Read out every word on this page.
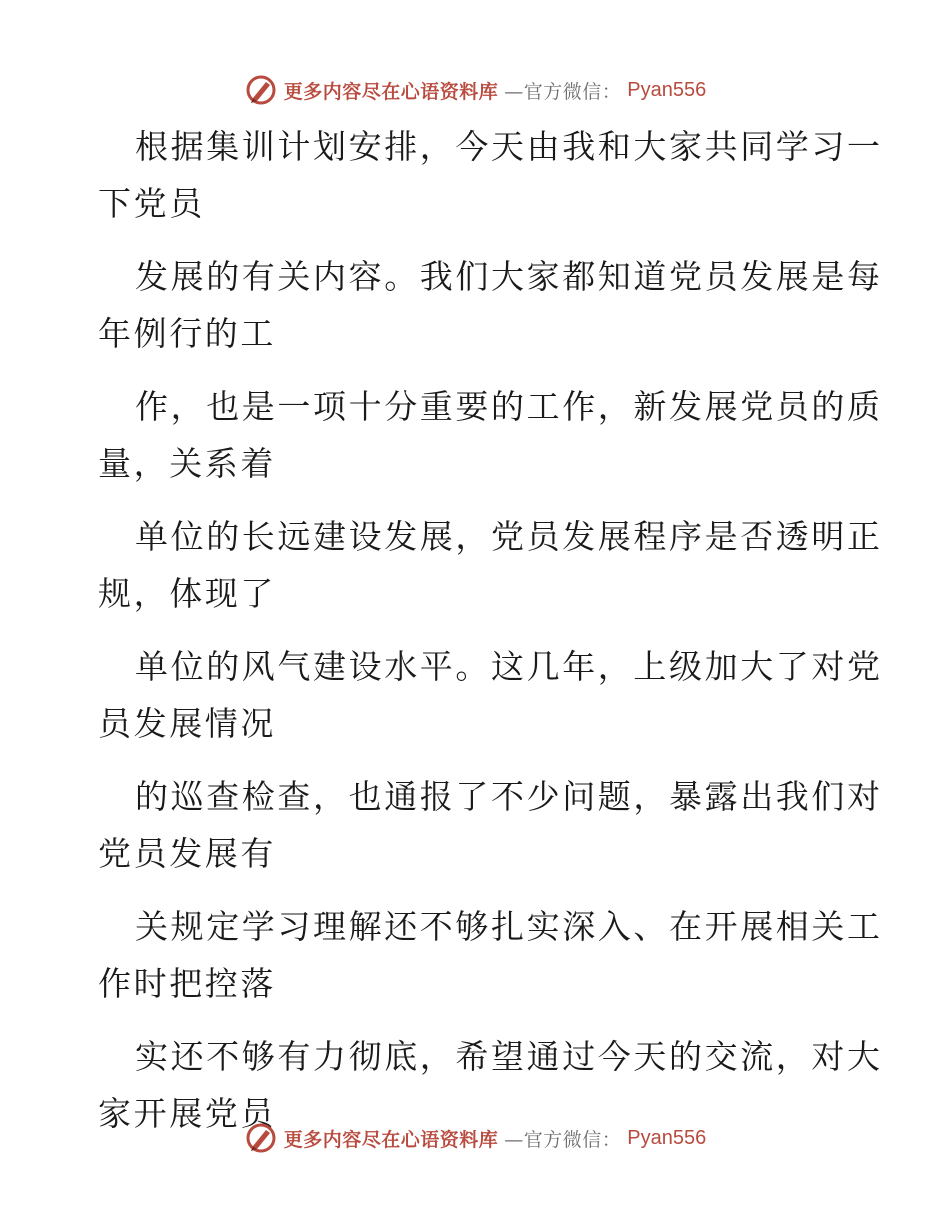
更多内容尽在心语资料库 —官方微信： Pyan556
根据集训计划安排，今天由我和大家共同学习一
下党员
发展的有关内容。我们大家都知道党员发展是每
年例行的工
作，也是一项十分重要的工作，新发展党员的质
量，关系着
单位的长远建设发展，党员发展程序是否透明正
规，体现了
单位的风气建设水平。这几年，上级加大了对党
员发展情况
的巡查检查，也通报了不少问题，暴露出我们对
党员发展有
关规定学习理解还不够扎实深入、在开展相关工
作时把控落
实还不够有力彻底，希望通过今天的交流，对大
家开展党员
更多内容尽在心语资料库 —官方微信： Pyan556
